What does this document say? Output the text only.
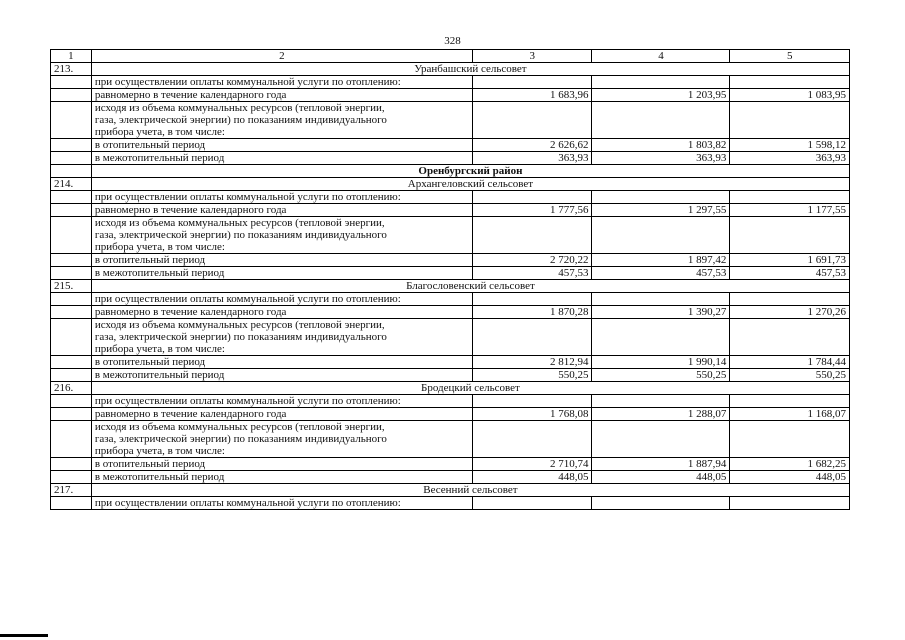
328
1	2	3	4	5
213.	Уранбашский сельсовет			
	при осуществлении оплаты коммунальной услуги по отоплению:			
	равномерно в течение календарного года	1 683,96	1 203,95	1 083,95

	исходя из объема коммунальных ресурсов (тепловой энергии,
газа, электрической энергии) по показаниям индивидуального
прибора учета, в том числе:			

	в отопительный период	2 626,62	1 803,82	1 598,12
	в межотопительный период	363,93	363,93	363,93
	Оренбургский район			
214.	Архангеловский сельсовет			
	при осуществлении оплаты коммунальной услуги по отоплению:			
	равномерно в течение календарного года	1 777,56	1 297,55	1 177,55

	исходя из объема коммунальных ресурсов (тепловой энергии,
газа, электрической энергии) по показаниям индивидуального
прибора учета, в том числе:			

	в отопительный период	2 720,22	1 897,42	1 691,73
	в межотопительный период	457,53	457,53	457,53
215.	Благословенский сельсовет			
	при осуществлении оплаты коммунальной услуги по отоплению:			
	равномерно в течение календарного года	1 870,28	1 390,27	1 270,26

	исходя из объема коммунальных ресурсов (тепловой энергии,
газа, электрической энергии) по показаниям индивидуального
прибора учета, в том числе:			

	в отопительный период	2 812,94	1 990,14	1 784,44
	в межотопительный период	550,25	550,25	550,25
216.	Бродецкий сельсовет			
	при осуществлении оплаты коммунальной услуги по отоплению:			
	равномерно в течение календарного года	1 768,08	1 288,07	1 168,07

	исходя из объема коммунальных ресурсов (тепловой энергии,
газа, электрической энергии) по показаниям индивидуального
прибора учета, в том числе:			

	в отопительный период	2 710,74	1 887,94	1 682,25
	в межотопительный период	448,05	448,05	448,05
217.	Весенний сельсовет			
	при осуществлении оплаты коммунальной услуги по отоплению:			
